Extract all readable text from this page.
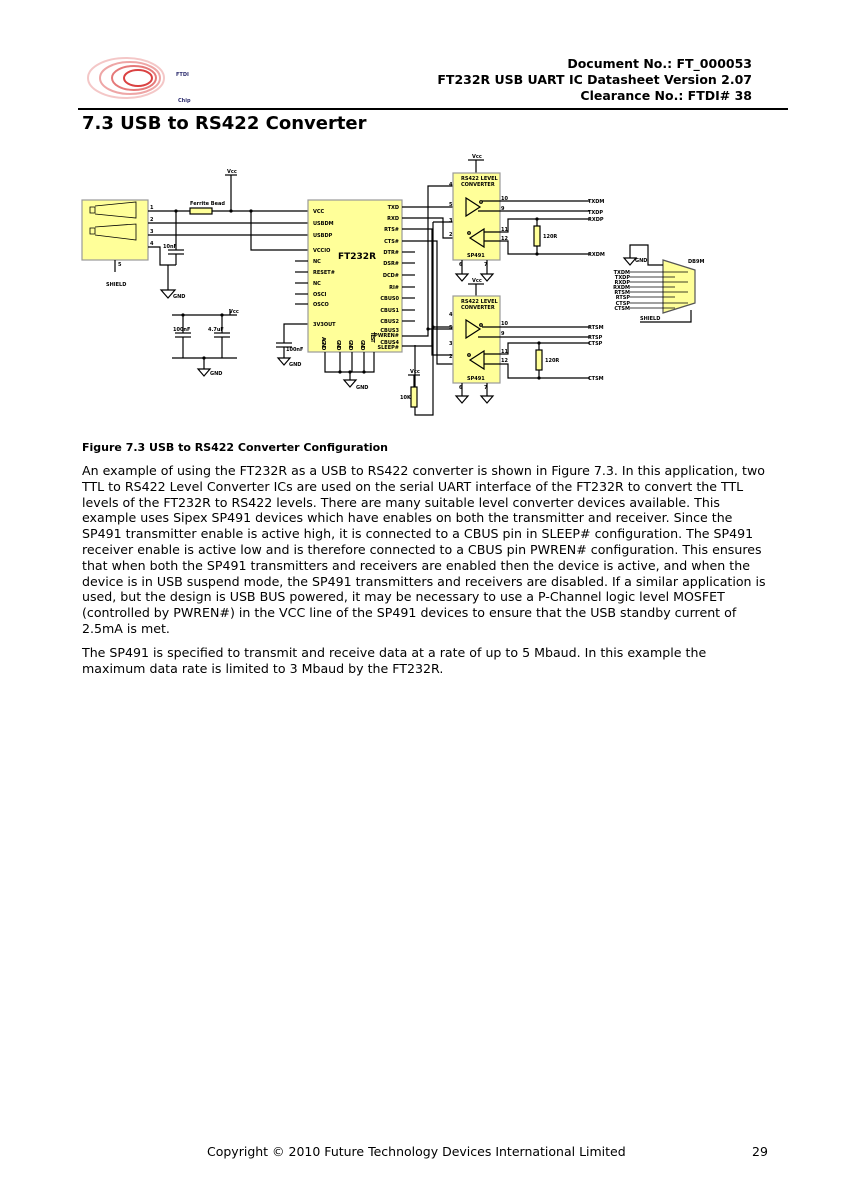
FTDI
Chip
Document No.: FT_000053
FT232R USB UART IC Datasheet Version 2.07
Clearance No.: FTDI# 38
7.3 USB to RS422 Converter
Vcc
Ferrite Bead
SHIELD
5
1
2
3
4 10nF
GND
Vcc
100nF	4.7uF
GND
100nF
GND
GND
FT232R
VCC
USBDM
USBDP
VCCIO
NC
RESET#
NC
OSCI
OSCO
3V3OUT
TXD
RXD
RTS#
CTS#
DTR#
DSR#
DCD#
RI#
CBUS0
CBUS1
CBUS2
CBUS3
PWREN#
CBUS4
SLEEP#
AGND GND GND GND
TEST
Vcc
10K
Vcc
RS422 LEVEL
CONVERTER
SP491
4
5
3
2
10
9
11
12
6	7
120R
TXDM
TXDP
RXDP
RXDM
Vcc
RS422 LEVEL
CONVERTER
SP491
4
5
3
2
10
9
11
12
6	7
120R
RTSM
RTSP
CTSP
CTSM
GND	DB9M
SHIELD
TXDM
TXDP
RXDP
RXDM
RTSM
RTSP
CTSP
CTSM
Figure 7.3 USB to RS422 Converter Configuration

An example of using the FT232R as a USB to RS422 converter is shown in Figure 7.3. In this application, two TTL to RS422 Level Converter ICs are used on the serial UART interface of the FT232R to convert the TTL levels of the FT232R to RS422 levels. There are many suitable level converter devices available. This example uses Sipex SP491 devices which have enables on both the transmitter and receiver. Since the SP491 transmitter enable is active high, it is connected to a CBUS pin in SLEEP# configuration. The SP491 receiver enable is active low and is therefore connected to a CBUS pin PWREN# configuration. This ensures that when both the SP491 transmitters and receivers are enabled then the device is active, and when the device is in USB suspend mode, the SP491 transmitters and receivers are disabled. If a similar application is used, but the design is USB BUS powered, it may be necessary to use a P-Channel logic level MOSFET (controlled by PWREN#) in the VCC line of the SP491 devices to ensure that the USB standby current of 2.5mA is met.

The SP491 is specified to transmit and receive data at a rate of up to 5 Mbaud. In this example the maximum data rate is limited to 3 Mbaud by the FT232R.

Copyright © 2010 Future Technology Devices International Limited	29
